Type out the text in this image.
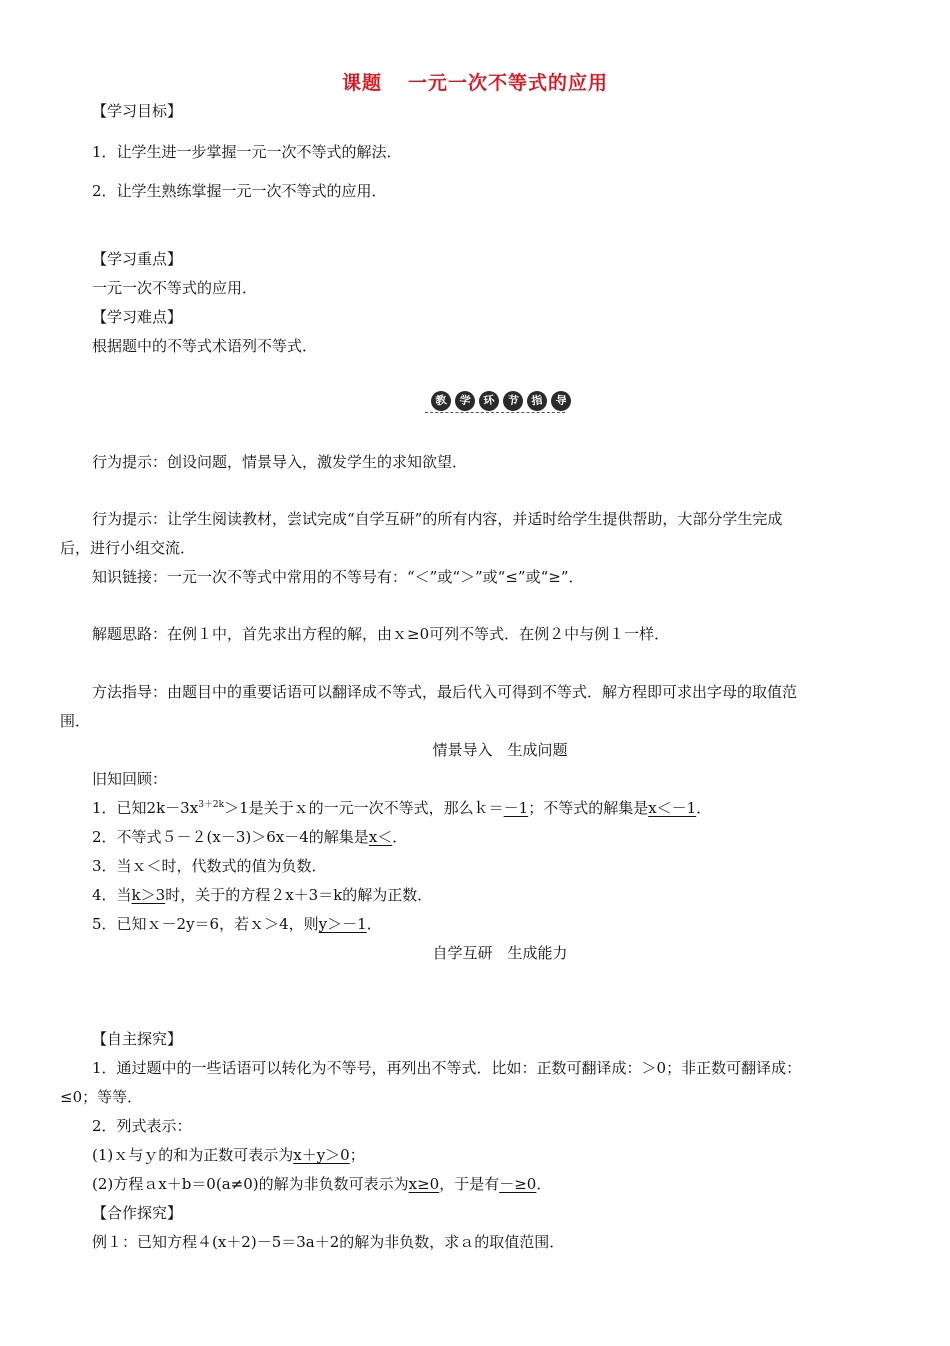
课题 一元一次不等式的应用
【学习目标】
1．让学生进一步掌握一元一次不等式的解法．
2．让学生熟练掌握一元一次不等式的应用．
【学习重点】
一元一次不等式的应用．
【学习难点】
根据题中的不等式术语列不等式．
教	学	环	节	指	导
行为提示：创设问题，情景导入，激发学生的求知欲望．
行为提示：让学生阅读教材，尝试完成“自学互研”的所有内容，并适时给学生提供帮助，大部分学生完成
后，进行小组交流．
知识链接：一元一次不等式中常用的不等号有：“＜”或“＞”或“≤”或“≥”．
解题思路：在例１中，首先求出方程的解，由ｘ≥0可列不等式．在例２中与例１一样．
方法指导：由题目中的重要话语可以翻译成不等式，最后代入可得到不等式．解方程即可求出字母的取值范
围．
情景导入　生成问题
旧知回顾：
1．已知$2k-3x^{3+2k}>1$是关于ｘ的一元一次不等式，那么ｋ＝－1；不等式的解集是x＜－1．
2．不等式５－２(x－3)＞6x－4的解集是x＜．
3．当ｘ＜时，代数式的值为负数．
4．当k＞3时，关于的方程２x＋3＝k的解为正数．
5．已知ｘ－2y＝6，若ｘ＞4，则y＞－1．
自学互研　生成能力
【自主探究】
1．通过题中的一些话语可以转化为不等号，再列出不等式．比如：正数可翻译成：＞0；非正数可翻译成：
≤0；等等．
2．列式表示：
(1)ｘ与ｙ的和为正数可表示为x＋y＞0；
(2)方程ａx＋b＝0(a≠0)的解为非负数可表示为x≥0，于是有－≥0．
【合作探究】
例１：已知方程４(x＋2)－5＝3a＋2的解为非负数，求ａ的取值范围．
